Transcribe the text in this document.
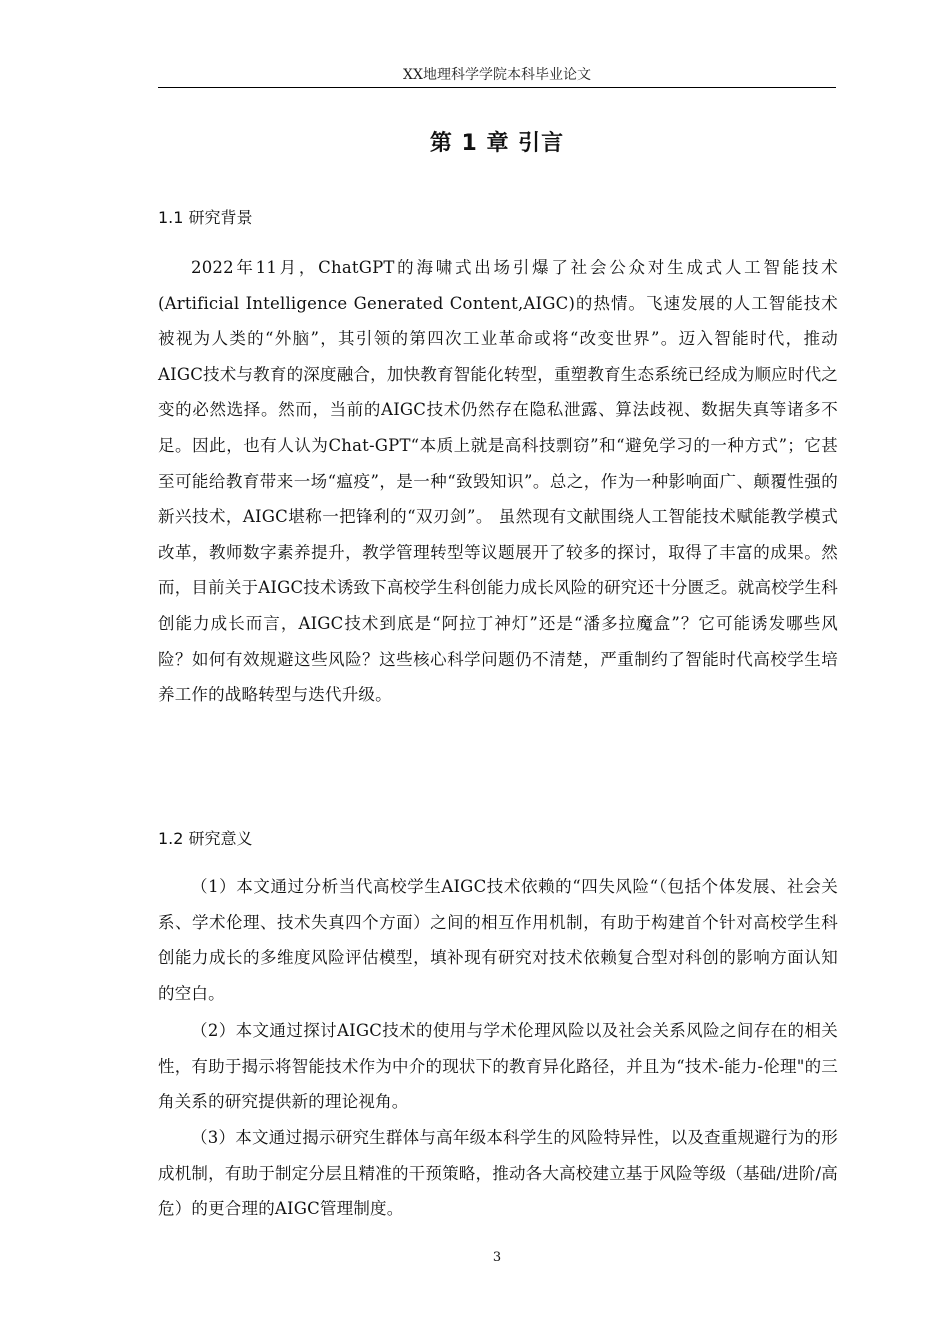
XX地理科学学院本科毕业论文
第 1 章 引言
1.1 研究背景

2022年11月，ChatGPT的海啸式出场引爆了社会公众对生成式人工智能技术(Artificial Intelligence Generated Content,AIGC)的热情。飞速发展的人工智能技术被视为人类的“外脑”，其引领的第四次工业革命或将“改变世界”。迈入智能时代，推动AIGC技术与教育的深度融合，加快教育智能化转型，重塑教育生态系统已经成为顺应时代之变的必然选择。然而，当前的AIGC技术仍然存在隐私泄露、算法歧视、数据失真等诸多不足。因此，也有人认为Chat-GPT“本质上就是高科技剽窃”和“避免学习的一种方式”；它甚至可能给教育带来一场“瘟疫”，是一种“致毁知识”。总之，作为一种影响面广、颠覆性强的新兴技术，AIGC堪称一把锋利的“双刃剑”。 虽然现有文献围绕人工智能技术赋能教学模式改革，教师数字素养提升，教学管理转型等议题展开了较多的探讨，取得了丰富的成果。然而，目前关于AIGC技术诱致下高校学生科创能力成长风险的研究还十分匮乏。就高校学生科创能力成长而言，AIGC技术到底是“阿拉丁神灯”还是“潘多拉魔盒”？它可能诱发哪些风险？如何有效规避这些风险？这些核心科学问题仍不清楚，严重制约了智能时代高校学生培养工作的战略转型与迭代升级。

1.2 研究意义

（1）本文通过分析当代高校学生AIGC技术依赖的“四失风险“（包括个体发展、社会关系、学术伦理、技术失真四个方面）之间的相互作用机制，有助于构建首个针对高校学生科创能力成长的多维度风险评估模型，填补现有研究对技术依赖复合型对科创的影响方面认知的空白。

（2）本文通过探讨AIGC技术的使用与学术伦理风险以及社会关系风险之间存在的相关性，有助于揭示将智能技术作为中介的现状下的教育异化路径，并且为“技术-能力-伦理"的三角关系的研究提供新的理论视角。

（3）本文通过揭示研究生群体与高年级本科学生的风险特异性，以及查重规避行为的形成机制，有助于制定分层且精准的干预策略，推动各大高校建立基于风险等级（基础/进阶/高危）的更合理的AIGC管理制度。

3
